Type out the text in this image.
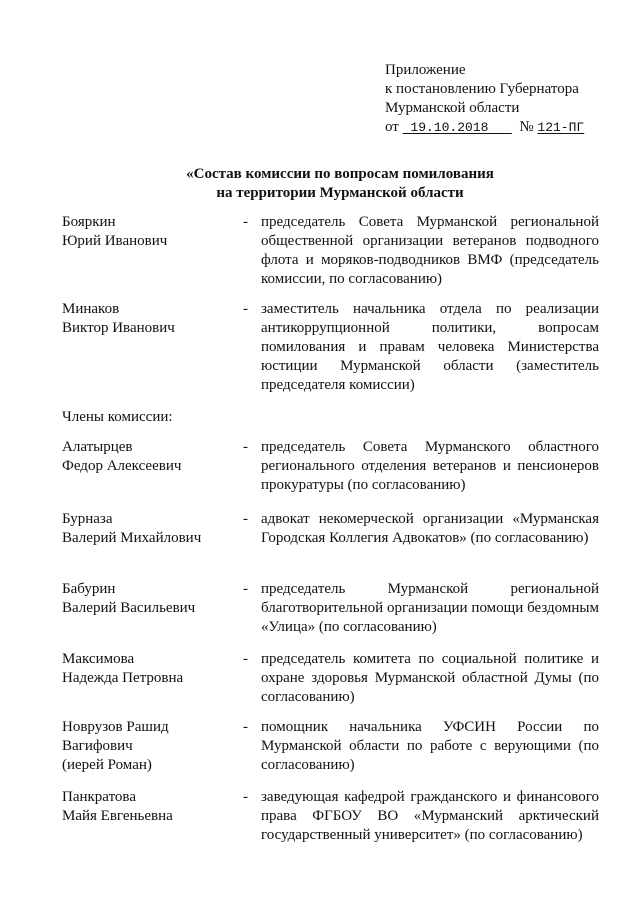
Приложение
к постановлению Губернатора
Мурманской области
от 19.10.2018 № 121-ПГ
«Состав комиссии по вопросам помилования
на территории Мурманской области
Бояркин
Юрий Иванович
- председатель Совета Мурманской региональной общественной организации ветеранов подводного флота и моряков-подводников ВМФ (председатель комиссии, по согласованию)
Минаков
Виктор Иванович
- заместитель начальника отдела по реализации антикоррупционной политики, вопросам помилования и правам человека Министерства юстиции Мурманской области (заместитель председателя комиссии)
Члены комиссии:
Алатырцев
Федор Алексеевич
- председатель Совета Мурманского областного регионального отделения ветеранов и пенсионеров прокуратуры (по согласованию)
Бурназа
Валерий Михайлович
- адвокат некомерческой организации «Мурманская Городская Коллегия Адвокатов» (по согласованию)
Бабурин
Валерий Васильевич
- председатель Мурманской региональной благотворительной организации помощи бездомным «Улица» (по согласованию)
Максимова
Надежда Петровна
- председатель комитета по социальной политике и охране здоровья Мурманской областной Думы (по согласованию)
Новрузов Рашид
Вагифович
(иерей Роман)
- помощник начальника УФСИН России по Мурманской области по работе с верующими (по согласованию)
Панкратова
Майя Евгеньевна
- заведующая кафедрой гражданского и финансового права ФГБОУ ВО «Мурманский арктический государственный университет» (по согласованию)
